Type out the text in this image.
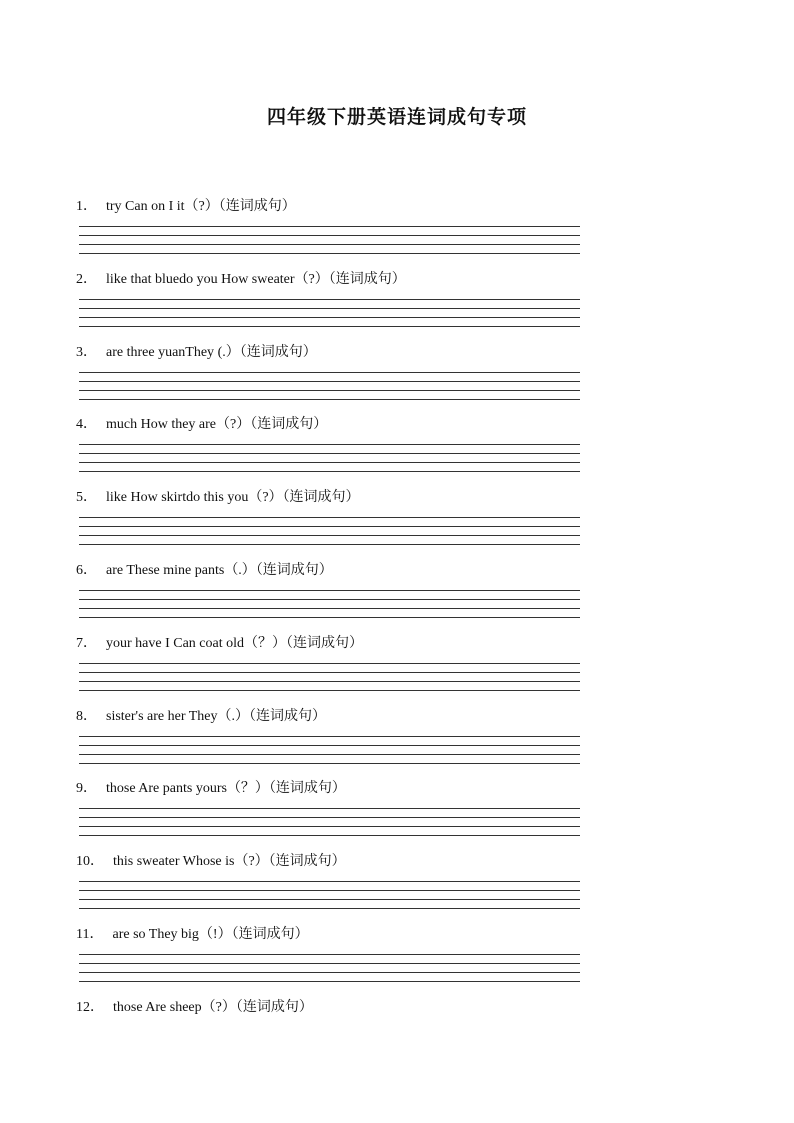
四年级下册英语连词成句专项
1． try Can on I it（?）（连词成句）
2． like that bluedo you How sweater（?）（连词成句）
3． are three yuanThey (.）（连词成句）
4． much How they are（?）（连词成句）
5． like How skirtdo this you（?）（连词成句）
6． are These mine pants（.）（连词成句）
7． your have I Can coat old（？）（连词成句）
8． sister's are her They（.）（连词成句）
9． those Are pants yours（？）（连词成句）
10． this sweater Whose is（?）（连词成句）
11． are so They big（!）（连词成句）
12． those Are sheep（?）（连词成句）
